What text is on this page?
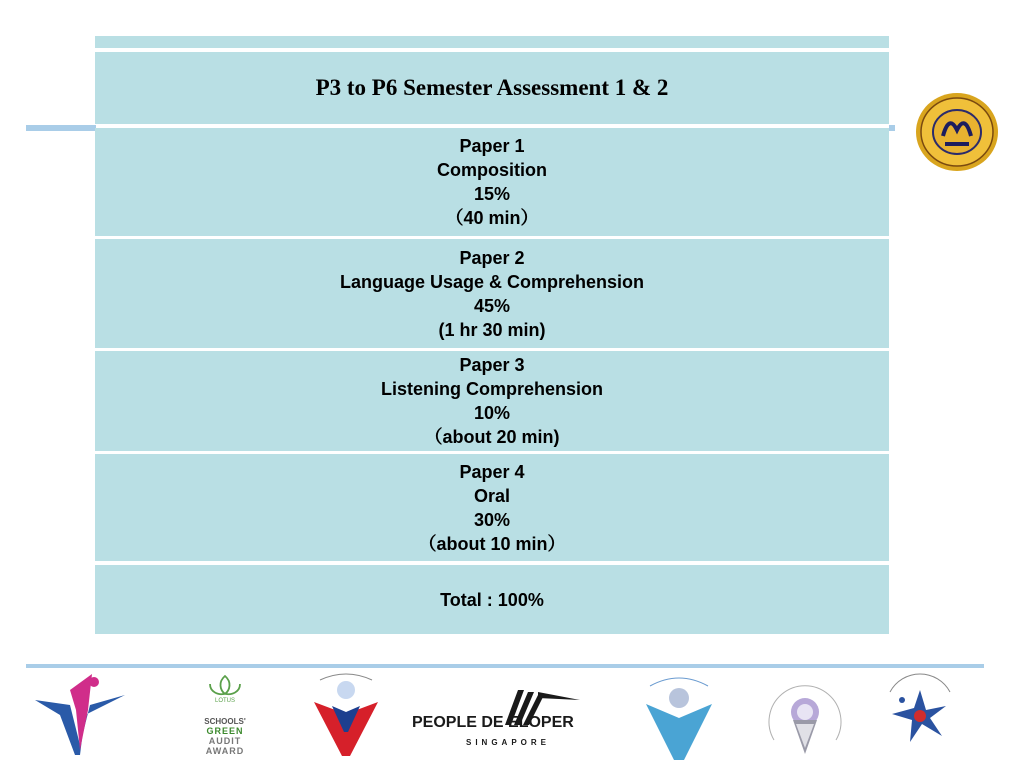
P3 to P6 Semester Assessment 1 & 2
Paper 1
Composition
15%
（40 min）
Paper 2
Language Usage & Comprehension
45%
(1 hr 30 min)
Paper 3
Listening Comprehension
10%
（about 20 min)
Paper 4
Oral
30%
（about 10 min）
Total : 100%
LOTUS
SCHOOLS'
GREEN
AUDIT
AWARD
PEOPLE DE ELOPER
SINGAPORE
